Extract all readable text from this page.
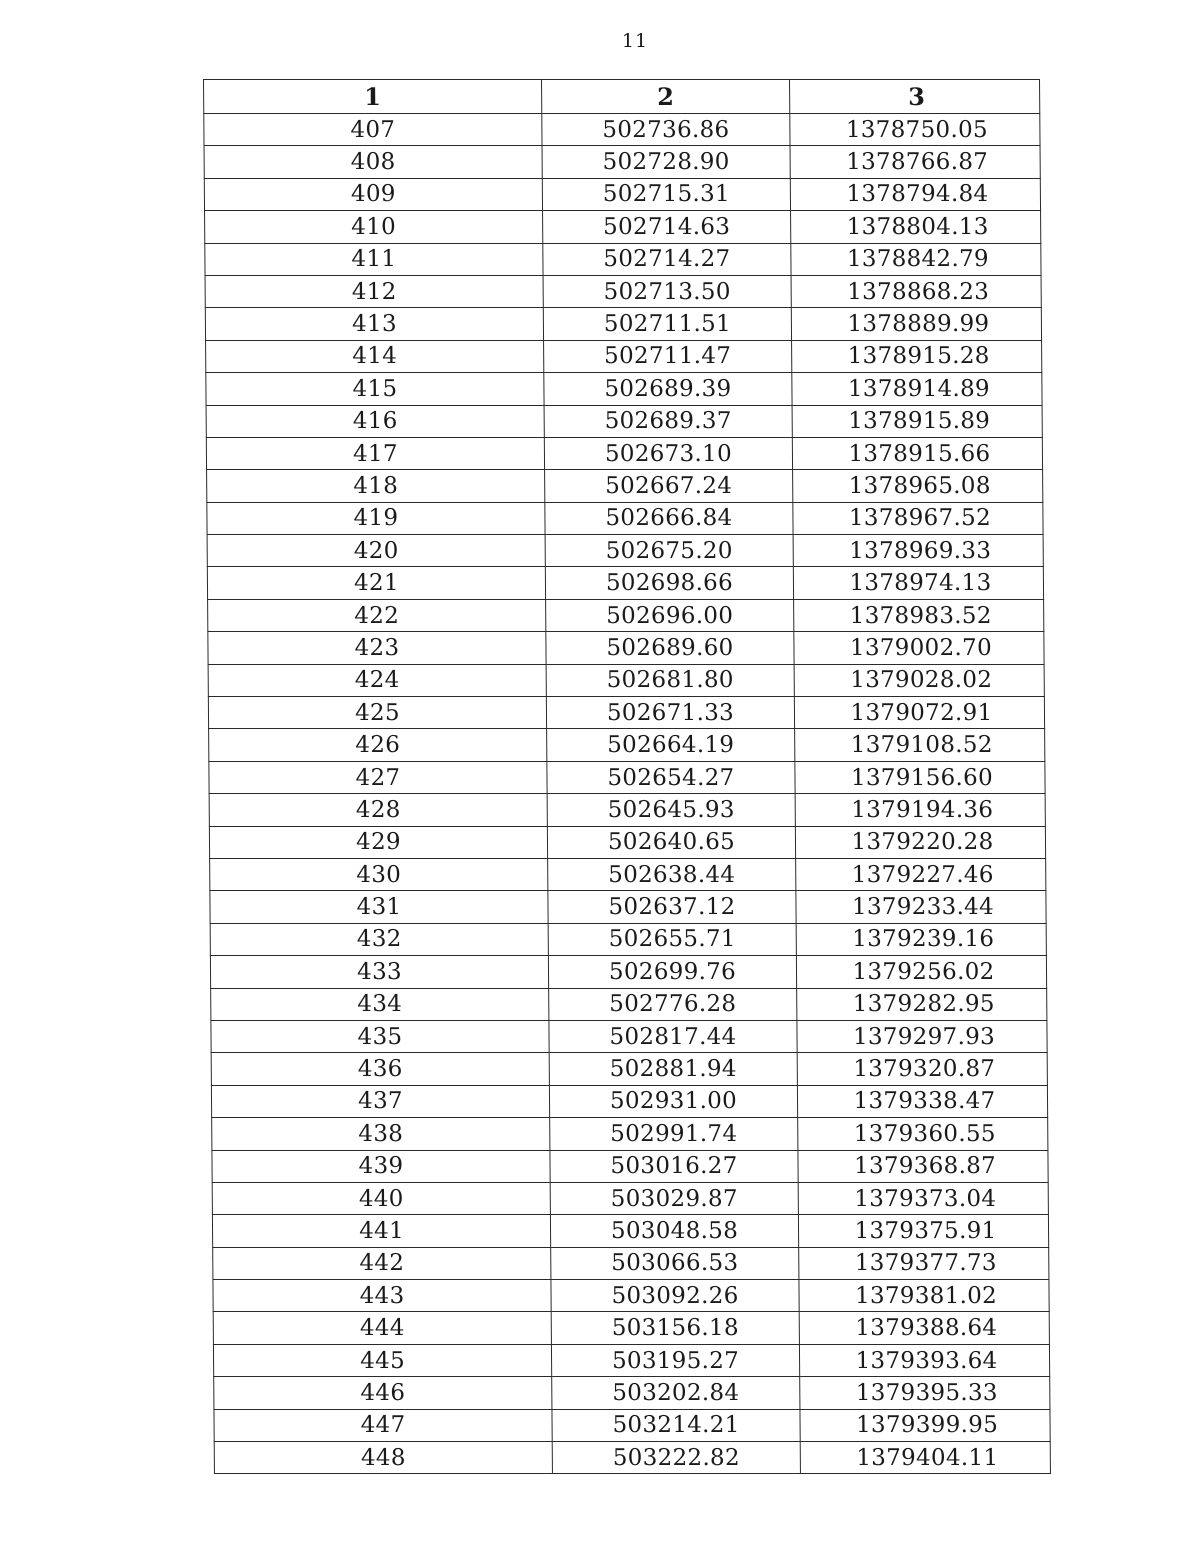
11
1	2	3
407	502736.86	1378750.05
408	502728.90	1378766.87
409	502715.31	1378794.84
410	502714.63	1378804.13
411	502714.27	1378842.79
412	502713.50	1378868.23
413	502711.51	1378889.99
414	502711.47	1378915.28
415	502689.39	1378914.89
416	502689.37	1378915.89
417	502673.10	1378915.66
418	502667.24	1378965.08
419	502666.84	1378967.52
420	502675.20	1378969.33
421	502698.66	1378974.13
422	502696.00	1378983.52
423	502689.60	1379002.70
424	502681.80	1379028.02
425	502671.33	1379072.91
426	502664.19	1379108.52
427	502654.27	1379156.60
428	502645.93	1379194.36
429	502640.65	1379220.28
430	502638.44	1379227.46
431	502637.12	1379233.44
432	502655.71	1379239.16
433	502699.76	1379256.02
434	502776.28	1379282.95
435	502817.44	1379297.93
436	502881.94	1379320.87
437	502931.00	1379338.47
438	502991.74	1379360.55
439	503016.27	1379368.87
440	503029.87	1379373.04
441	503048.58	1379375.91
442	503066.53	1379377.73
443	503092.26	1379381.02
444	503156.18	1379388.64
445	503195.27	1379393.64
446	503202.84	1379395.33
447	503214.21	1379399.95
448	503222.82	1379404.11
